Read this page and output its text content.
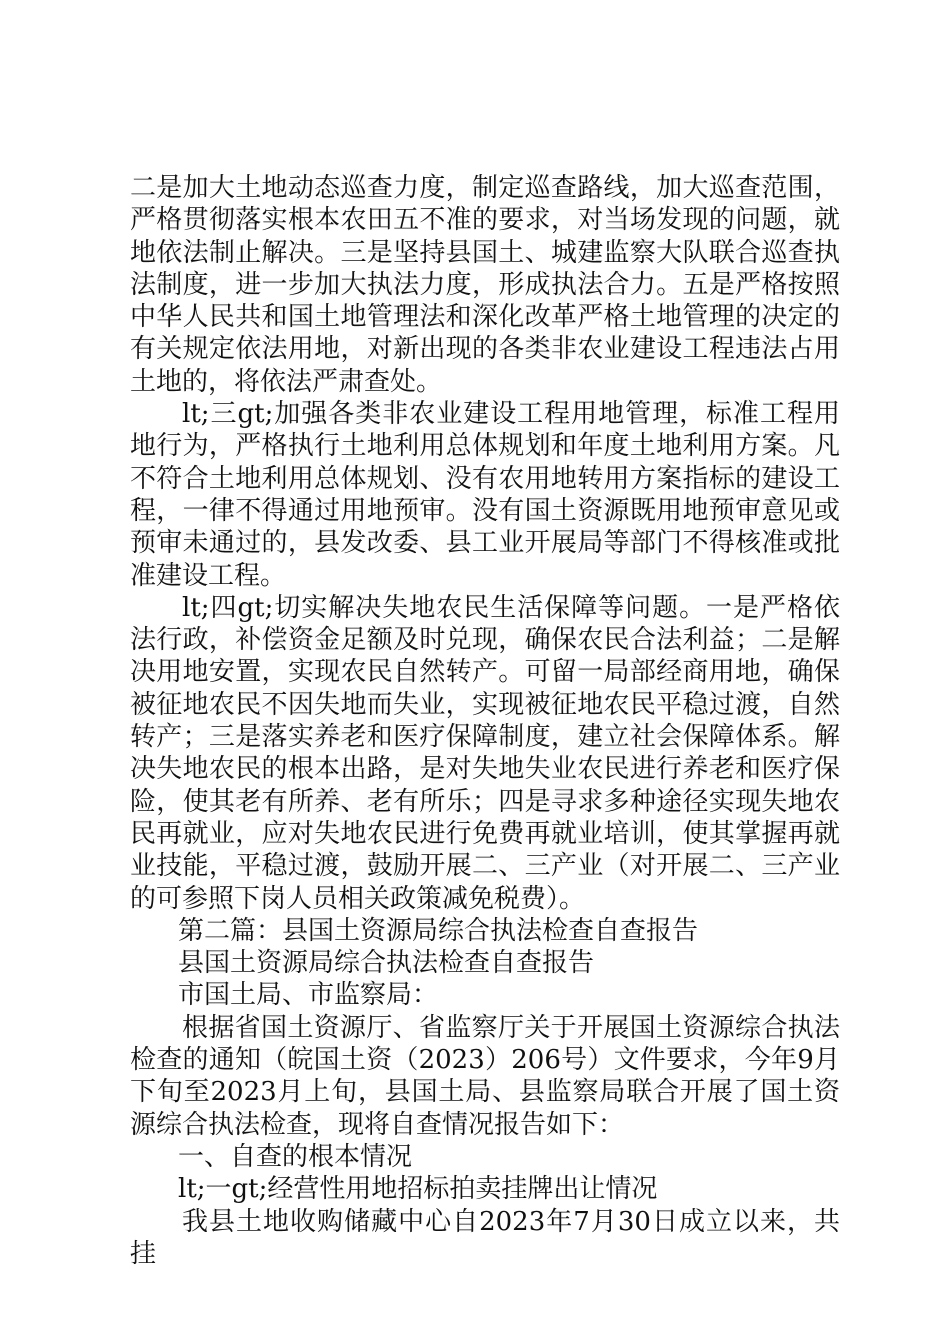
二是加大土地动态巡查力度，制定巡查路线，加大巡查范围，严格贯彻落实根本农田五不准的要求，对当场发现的问题，就地依法制止解决。三是坚持县国土、城建监察大队联合巡查执法制度，进一步加大执法力度，形成执法合力。五是严格按照中华人民共和国土地管理法和深化改革严格土地管理的决定的有关规定依法用地，对新出现的各类非农业建设工程违法占用土地的，将依法严肃查处。

lt;三gt;加强各类非农业建设工程用地管理，标准工程用地行为，严格执行土地利用总体规划和年度土地利用方案。凡不符合土地利用总体规划、没有农用地转用方案指标的建设工程，一律不得通过用地预审。没有国土资源既用地预审意见或预审未通过的，县发改委、县工业开展局等部门不得核准或批准建设工程。

lt;四gt;切实解决失地农民生活保障等问题。一是严格依法行政，补偿资金足额及时兑现，确保农民合法利益；二是解决用地安置，实现农民自然转产。可留一局部经商用地，确保被征地农民不因失地而失业，实现被征地农民平稳过渡，自然转产；三是落实养老和医疗保障制度，建立社会保障体系。解决失地农民的根本出路，是对失地失业农民进行养老和医疗保险，使其老有所养、老有所乐；四是寻求多种途径实现失地农民再就业，应对失地农民进行免费再就业培训，使其掌握再就业技能，平稳过渡，鼓励开展二、三产业（对开展二、三产业的可参照下岗人员相关政策减免税费）。

第二篇：县国土资源局综合执法检查自查报告

县国土资源局综合执法检查自查报告

市国土局、市监察局：

根据省国土资源厅、省监察厅关于开展国土资源综合执法检查的通知（皖国土资（2023）206号）文件要求，今年9月下旬至2023月上旬，县国土局、县监察局联合开展了国土资源综合执法检查，现将自查情况报告如下：

一、自查的根本情况

lt;一gt;经营性用地招标拍卖挂牌出让情况

我县土地收购储藏中心自2023年7月30日成立以来，共挂
